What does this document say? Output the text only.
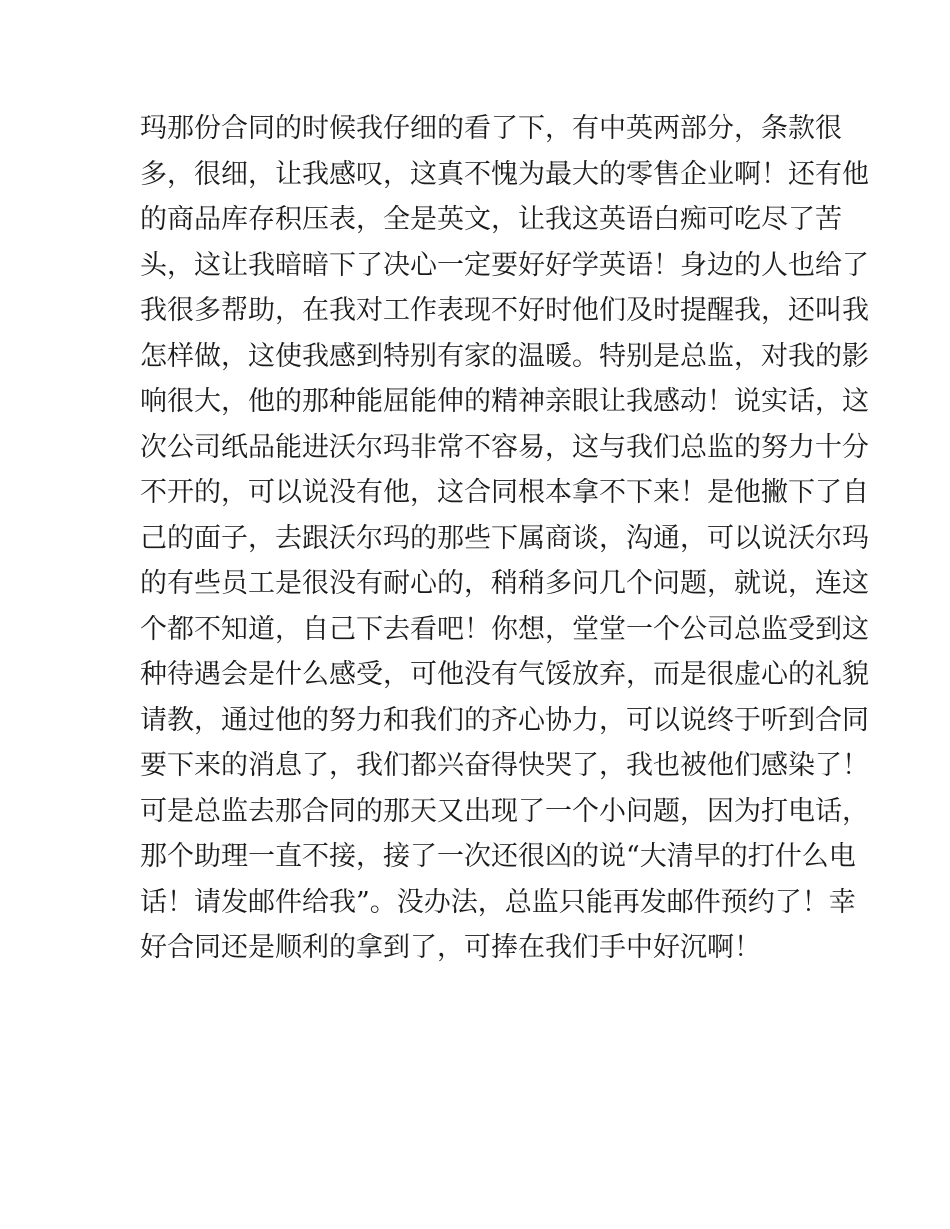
玛那份合同的时候我仔细的看了下，有中英两部分，条款很
多，很细，让我感叹，这真不愧为最大的零售企业啊！还有他
的商品库存积压表，全是英文，让我这英语白痴可吃尽了苦
头，这让我暗暗下了决心一定要好好学英语！身边的人也给了
我很多帮助，在我对工作表现不好时他们及时提醒我，还叫我
怎样做，这使我感到特别有家的温暖。特别是总监，对我的影
响很大，他的那种能屈能伸的精神亲眼让我感动！说实话，这
次公司纸品能进沃尔玛非常不容易，这与我们总监的努力十分
不开的，可以说没有他，这合同根本拿不下来！是他撇下了自
己的面子，去跟沃尔玛的那些下属商谈，沟通，可以说沃尔玛
的有些员工是很没有耐心的，稍稍多问几个问题，就说，连这
个都不知道，自己下去看吧！你想，堂堂一个公司总监受到这
种待遇会是什么感受，可他没有气馁放弃，而是很虚心的礼貌
请教，通过他的努力和我们的齐心协力，可以说终于听到合同
要下来的消息了，我们都兴奋得快哭了，我也被他们感染了！
可是总监去那合同的那天又出现了一个小问题，因为打电话，
那个助理一直不接，接了一次还很凶的说“大清早的打什么电
话！请发邮件给我”。没办法，总监只能再发邮件预约了！幸
好合同还是顺利的拿到了，可捧在我们手中好沉啊！
